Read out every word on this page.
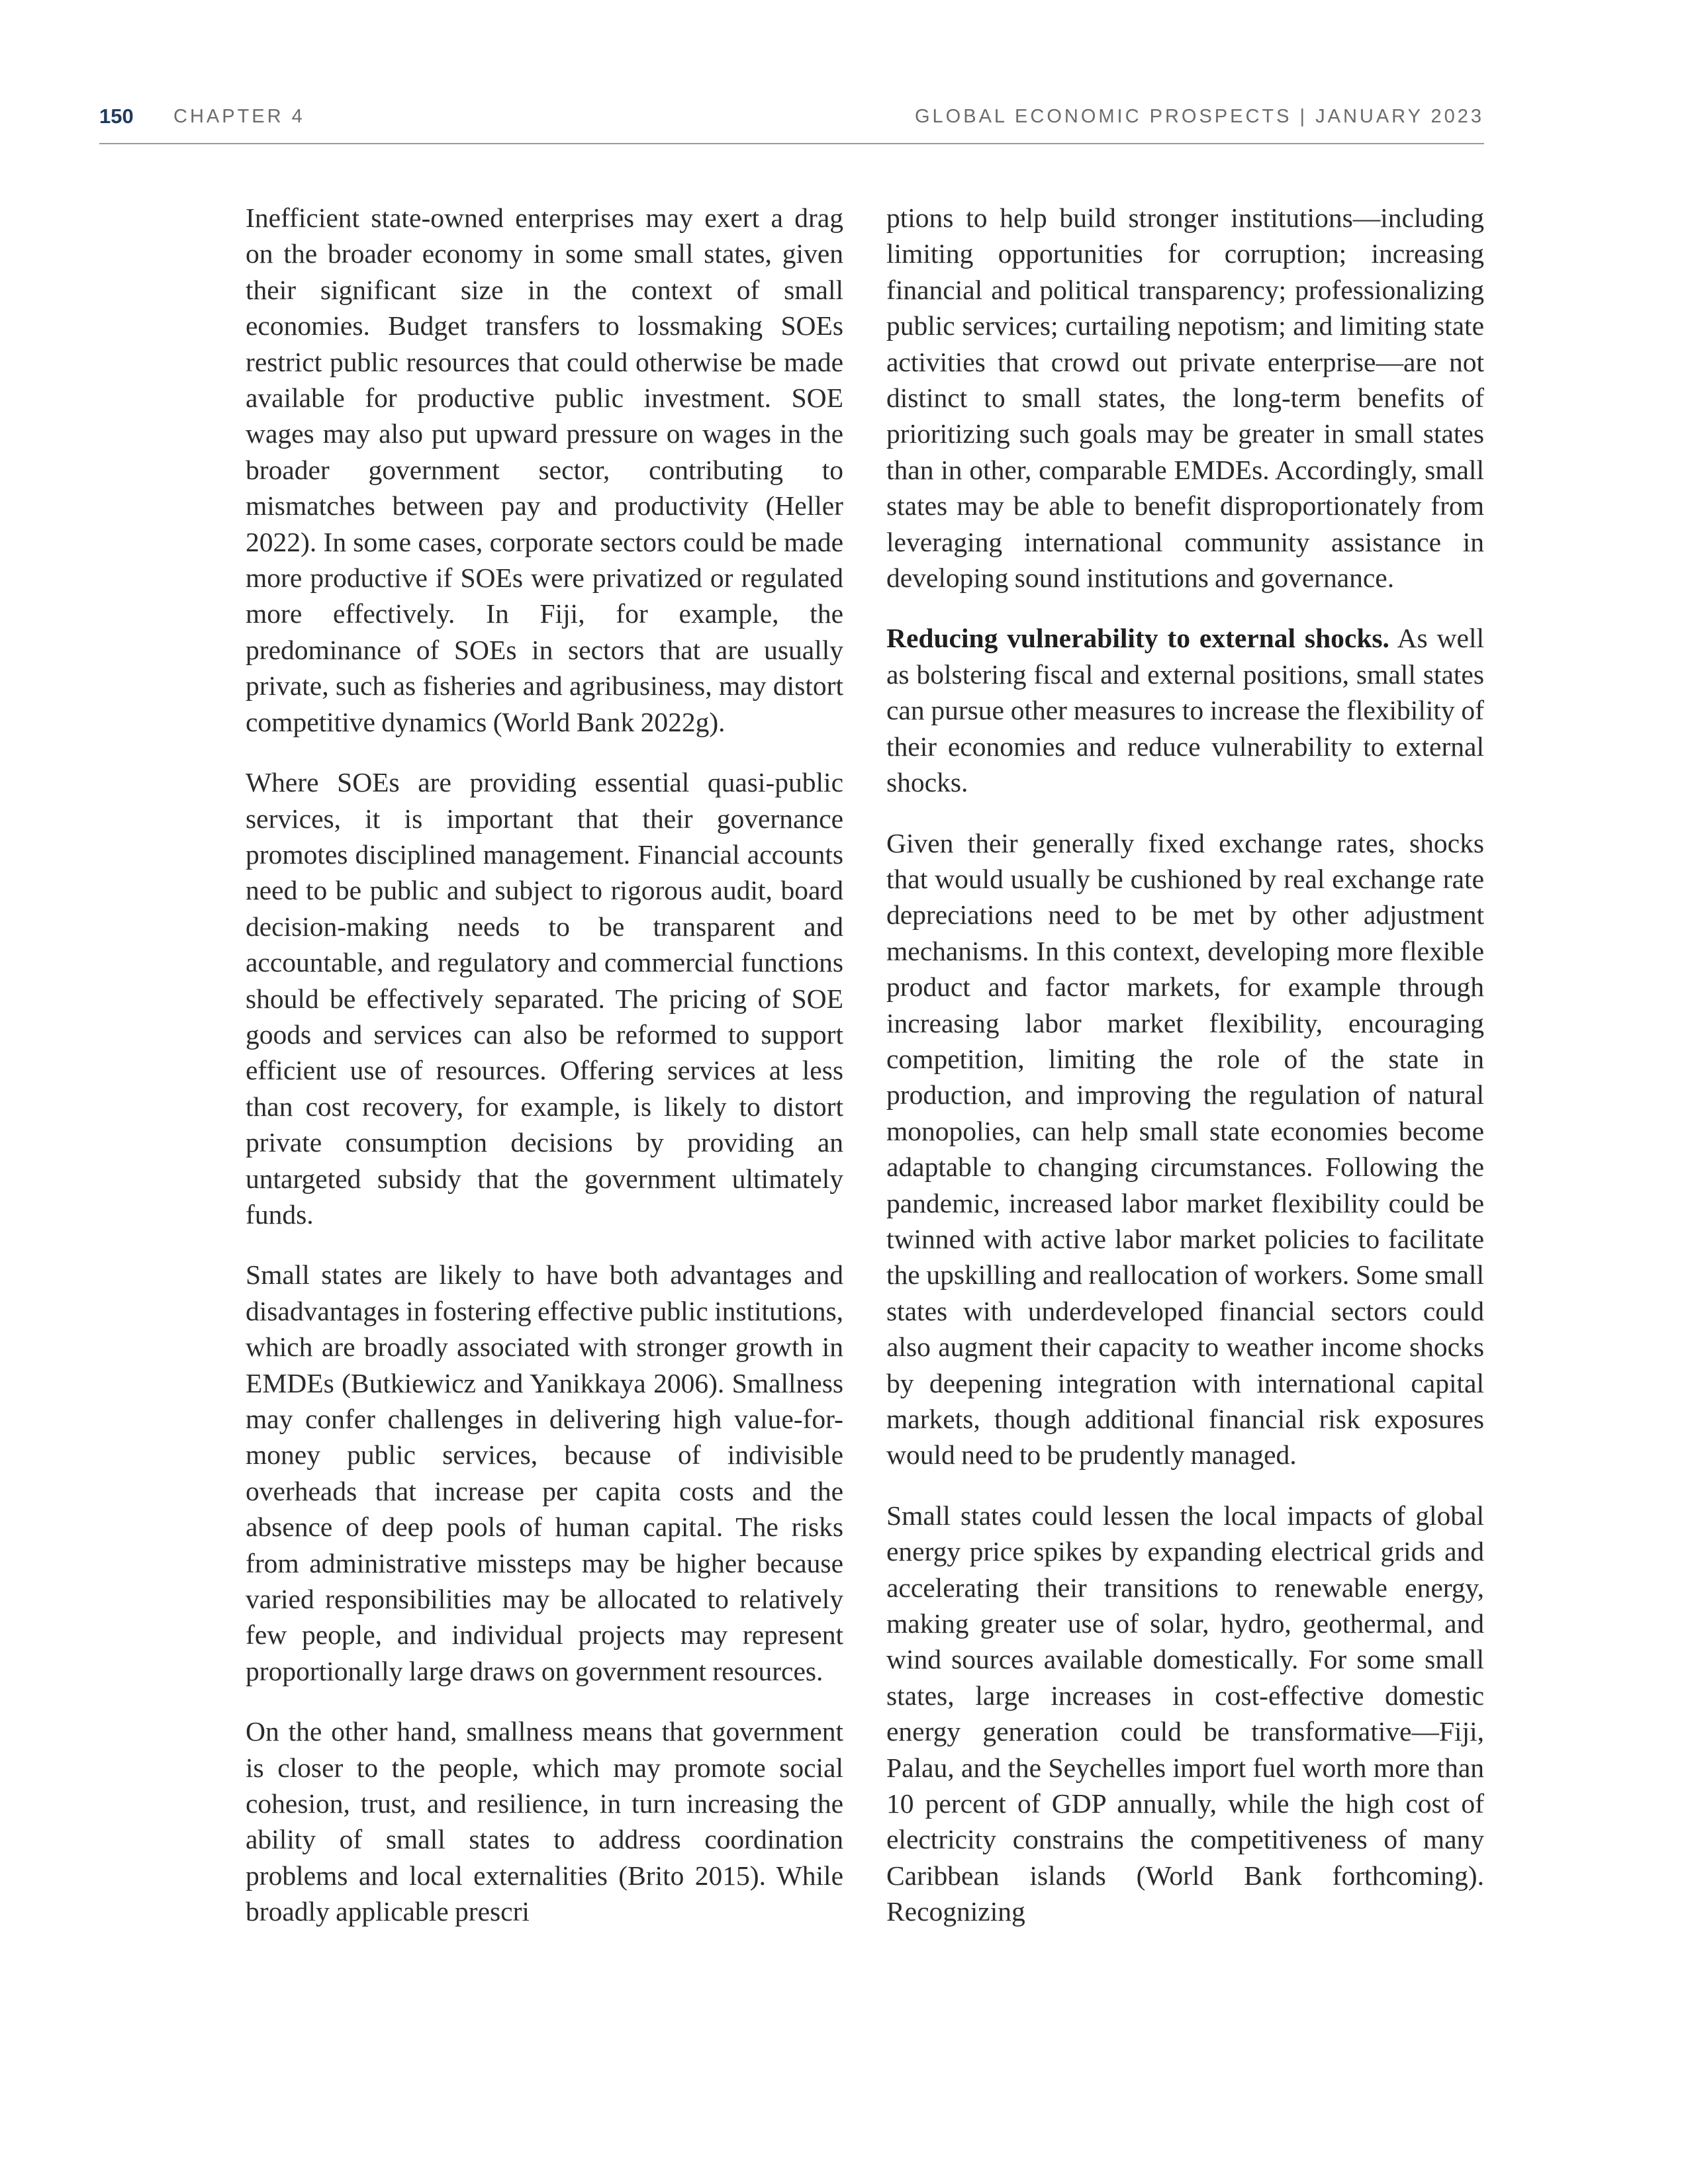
150 CHAPTER 4	GLOBAL ECONOMIC PROSPECTS | JANUARY 2023

Inefficient state-owned enterprises may exert a drag on the broader economy in some small states, given their significant size in the context of small economies. Budget transfers to lossmaking SOEs restrict public resources that could otherwise be made available for productive public investment. SOE wages may also put upward pressure on wages in the broader government sector, contributing to mismatches between pay and productivity (Heller 2022). In some cases, corporate sectors could be made more productive if SOEs were privatized or regulated more effectively. In Fiji, for example, the predominance of SOEs in sectors that are usually private, such as fisheries and agribusiness, may distort competitive dynamics (World Bank 2022g).

Where SOEs are providing essential quasi-public services, it is important that their governance promotes disciplined management. Financial accounts need to be public and subject to rigorous audit, board decision-making needs to be transparent and accountable, and regulatory and commercial functions should be effectively separated. The pricing of SOE goods and services can also be reformed to support efficient use of resources. Offering services at less than cost recovery, for example, is likely to distort private consumption decisions by providing an untargeted subsidy that the government ultimately funds.

Small states are likely to have both advantages and disadvantages in fostering effective public institutions, which are broadly associated with stronger growth in EMDEs (Butkiewicz and Yanikkaya 2006). Smallness may confer challenges in delivering high value-for-money public services, because of indivisible overheads that increase per capita costs and the absence of deep pools of human capital. The risks from administrative missteps may be higher because varied responsibilities may be allocated to relatively few people, and individual projects may represent proportionally large draws on government resources.

On the other hand, smallness means that government is closer to the people, which may promote social cohesion, trust, and resilience, in turn increasing the ability of small states to address coordination problems and local externalities (Brito 2015). While broadly applicable prescri

ptions to help build stronger institutions—including limiting opportunities for corruption; increasing financial and political transparency; professionalizing public services; curtailing nepotism; and limiting state activities that crowd out private enterprise—are not distinct to small states, the long-term benefits of prioritizing such goals may be greater in small states than in other, comparable EMDEs. Accordingly, small states may be able to benefit disproportionately from leveraging international community assistance in developing sound institutions and governance.

Reducing vulnerability to external shocks. As well as bolstering fiscal and external positions, small states can pursue other measures to increase the flexibility of their economies and reduce vulnerability to external shocks.

Given their generally fixed exchange rates, shocks that would usually be cushioned by real exchange rate depreciations need to be met by other adjustment mechanisms. In this context, developing more flexible product and factor markets, for example through increasing labor market flexibility, encouraging competition, limiting the role of the state in production, and improving the regulation of natural monopolies, can help small state economies become adaptable to changing circumstances. Following the pandemic, increased labor market flexibility could be twinned with active labor market policies to facilitate the upskilling and reallocation of workers. Some small states with underdeveloped financial sectors could also augment their capacity to weather income shocks by deepening integration with international capital markets, though additional financial risk exposures would need to be prudently managed.

Small states could lessen the local impacts of global energy price spikes by expanding electrical grids and accelerating their transitions to renewable energy, making greater use of solar, hydro, geothermal, and wind sources available domestically. For some small states, large increases in cost-effective domestic energy generation could be transformative—Fiji, Palau, and the Seychelles import fuel worth more than 10 percent of GDP annually, while the high cost of electricity constrains the competitiveness of many Caribbean islands (World Bank forthcoming). Recognizing
